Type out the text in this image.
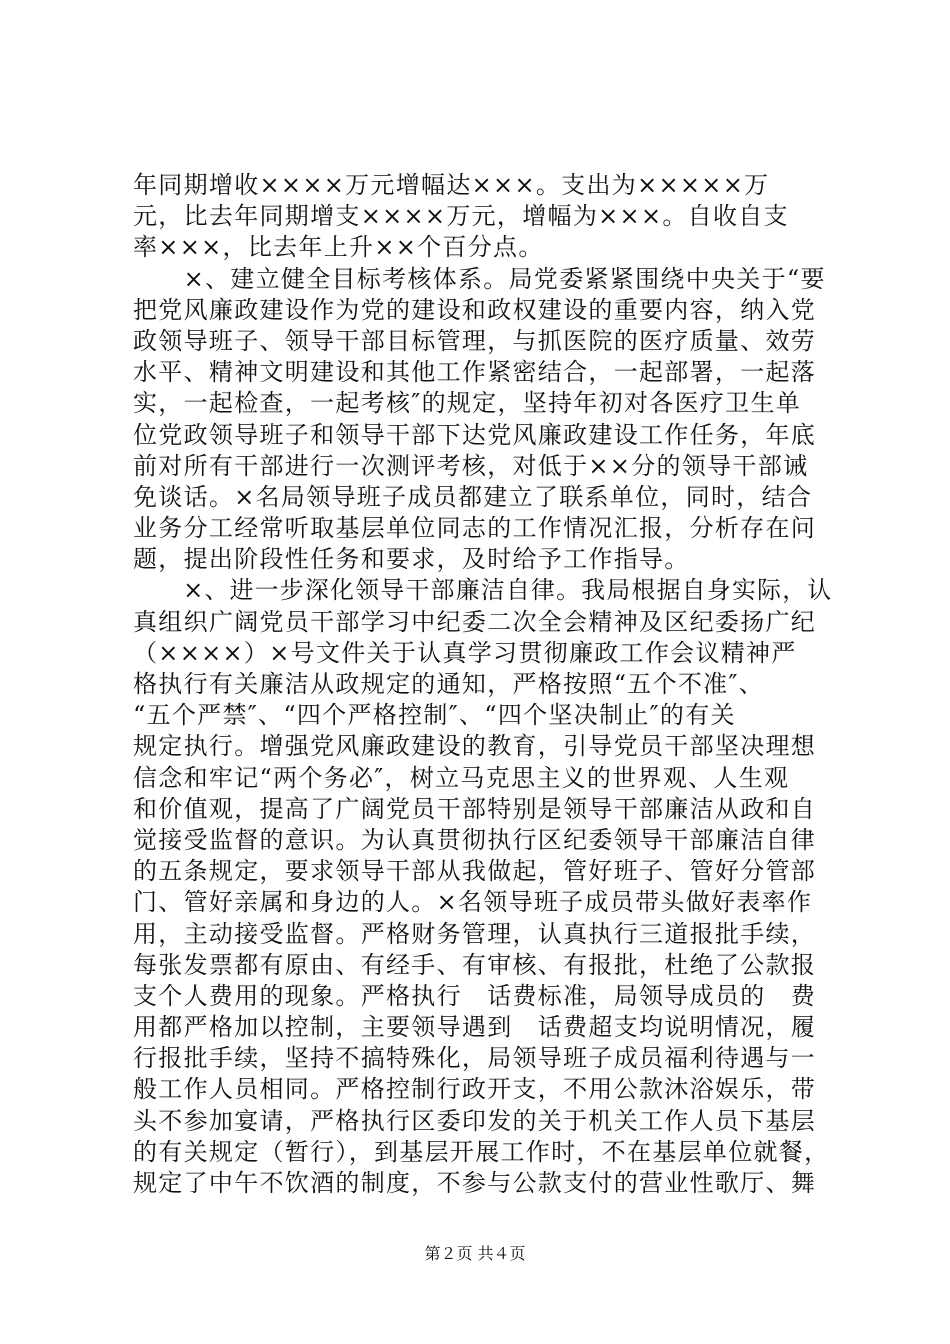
年同期增收××××万元增幅达×××。支出为×××××万
元，比去年同期增支××××万元，增幅为×××。自收自支
率×××，比去年上升××个百分点。
　　×、建立健全目标考核体系。局党委紧紧围绕中央关于“要
把党风廉政建设作为党的建设和政权建设的重要内容，纳入党
政领导班子、领导干部目标管理，与抓医院的医疗质量、效劳
水平、精神文明建设和其他工作紧密结合，一起部署，一起落
实，一起检查，一起考核″的规定，坚持年初对各医疗卫生单
位党政领导班子和领导干部下达党风廉政建设工作任务，年底
前对所有干部进行一次测评考核，对低于××分的领导干部诫
免谈话。×名局领导班子成员都建立了联系单位，同时，结合
业务分工经常听取基层单位同志的工作情况汇报，分析存在问
题，提出阶段性任务和要求，及时给予工作指导。
　　×、进一步深化领导干部廉洁自律。我局根据自身实际，认
真组织广阔党员干部学习中纪委二次全会精神及区纪委扬广纪
（××××）×号文件关于认真学习贯彻廉政工作会议精神严
格执行有关廉洁从政规定的通知，严格按照“五个不准″、
“五个严禁″、“四个严格控制″、“四个坚决制止″的有关
规定执行。增强党风廉政建设的教育，引导党员干部坚决理想
信念和牢记“两个务必″，树立马克思主义的世界观、人生观
和价值观，提高了广阔党员干部特别是领导干部廉洁从政和自
觉接受监督的意识。为认真贯彻执行区纪委领导干部廉洁自律
的五条规定，要求领导干部从我做起，管好班子、管好分管部
门、管好亲属和身边的人。×名领导班子成员带头做好表率作
用，主动接受监督。严格财务管理，认真执行三道报批手续，
每张发票都有原由、有经手、有审核、有报批，杜绝了公款报
支个人费用的现象。严格执行　话费标准，局领导成员的　费
用都严格加以控制，主要领导遇到　话费超支均说明情况，履
行报批手续，坚持不搞特殊化，局领导班子成员福利待遇与一
般工作人员相同。严格控制行政开支，不用公款沐浴娱乐，带
头不参加宴请，严格执行区委印发的关于机关工作人员下基层
的有关规定（暂行），到基层开展工作时，不在基层单位就餐，
规定了中午不饮酒的制度，不参与公款支付的营业性歌厅、舞
第２页 共４页
